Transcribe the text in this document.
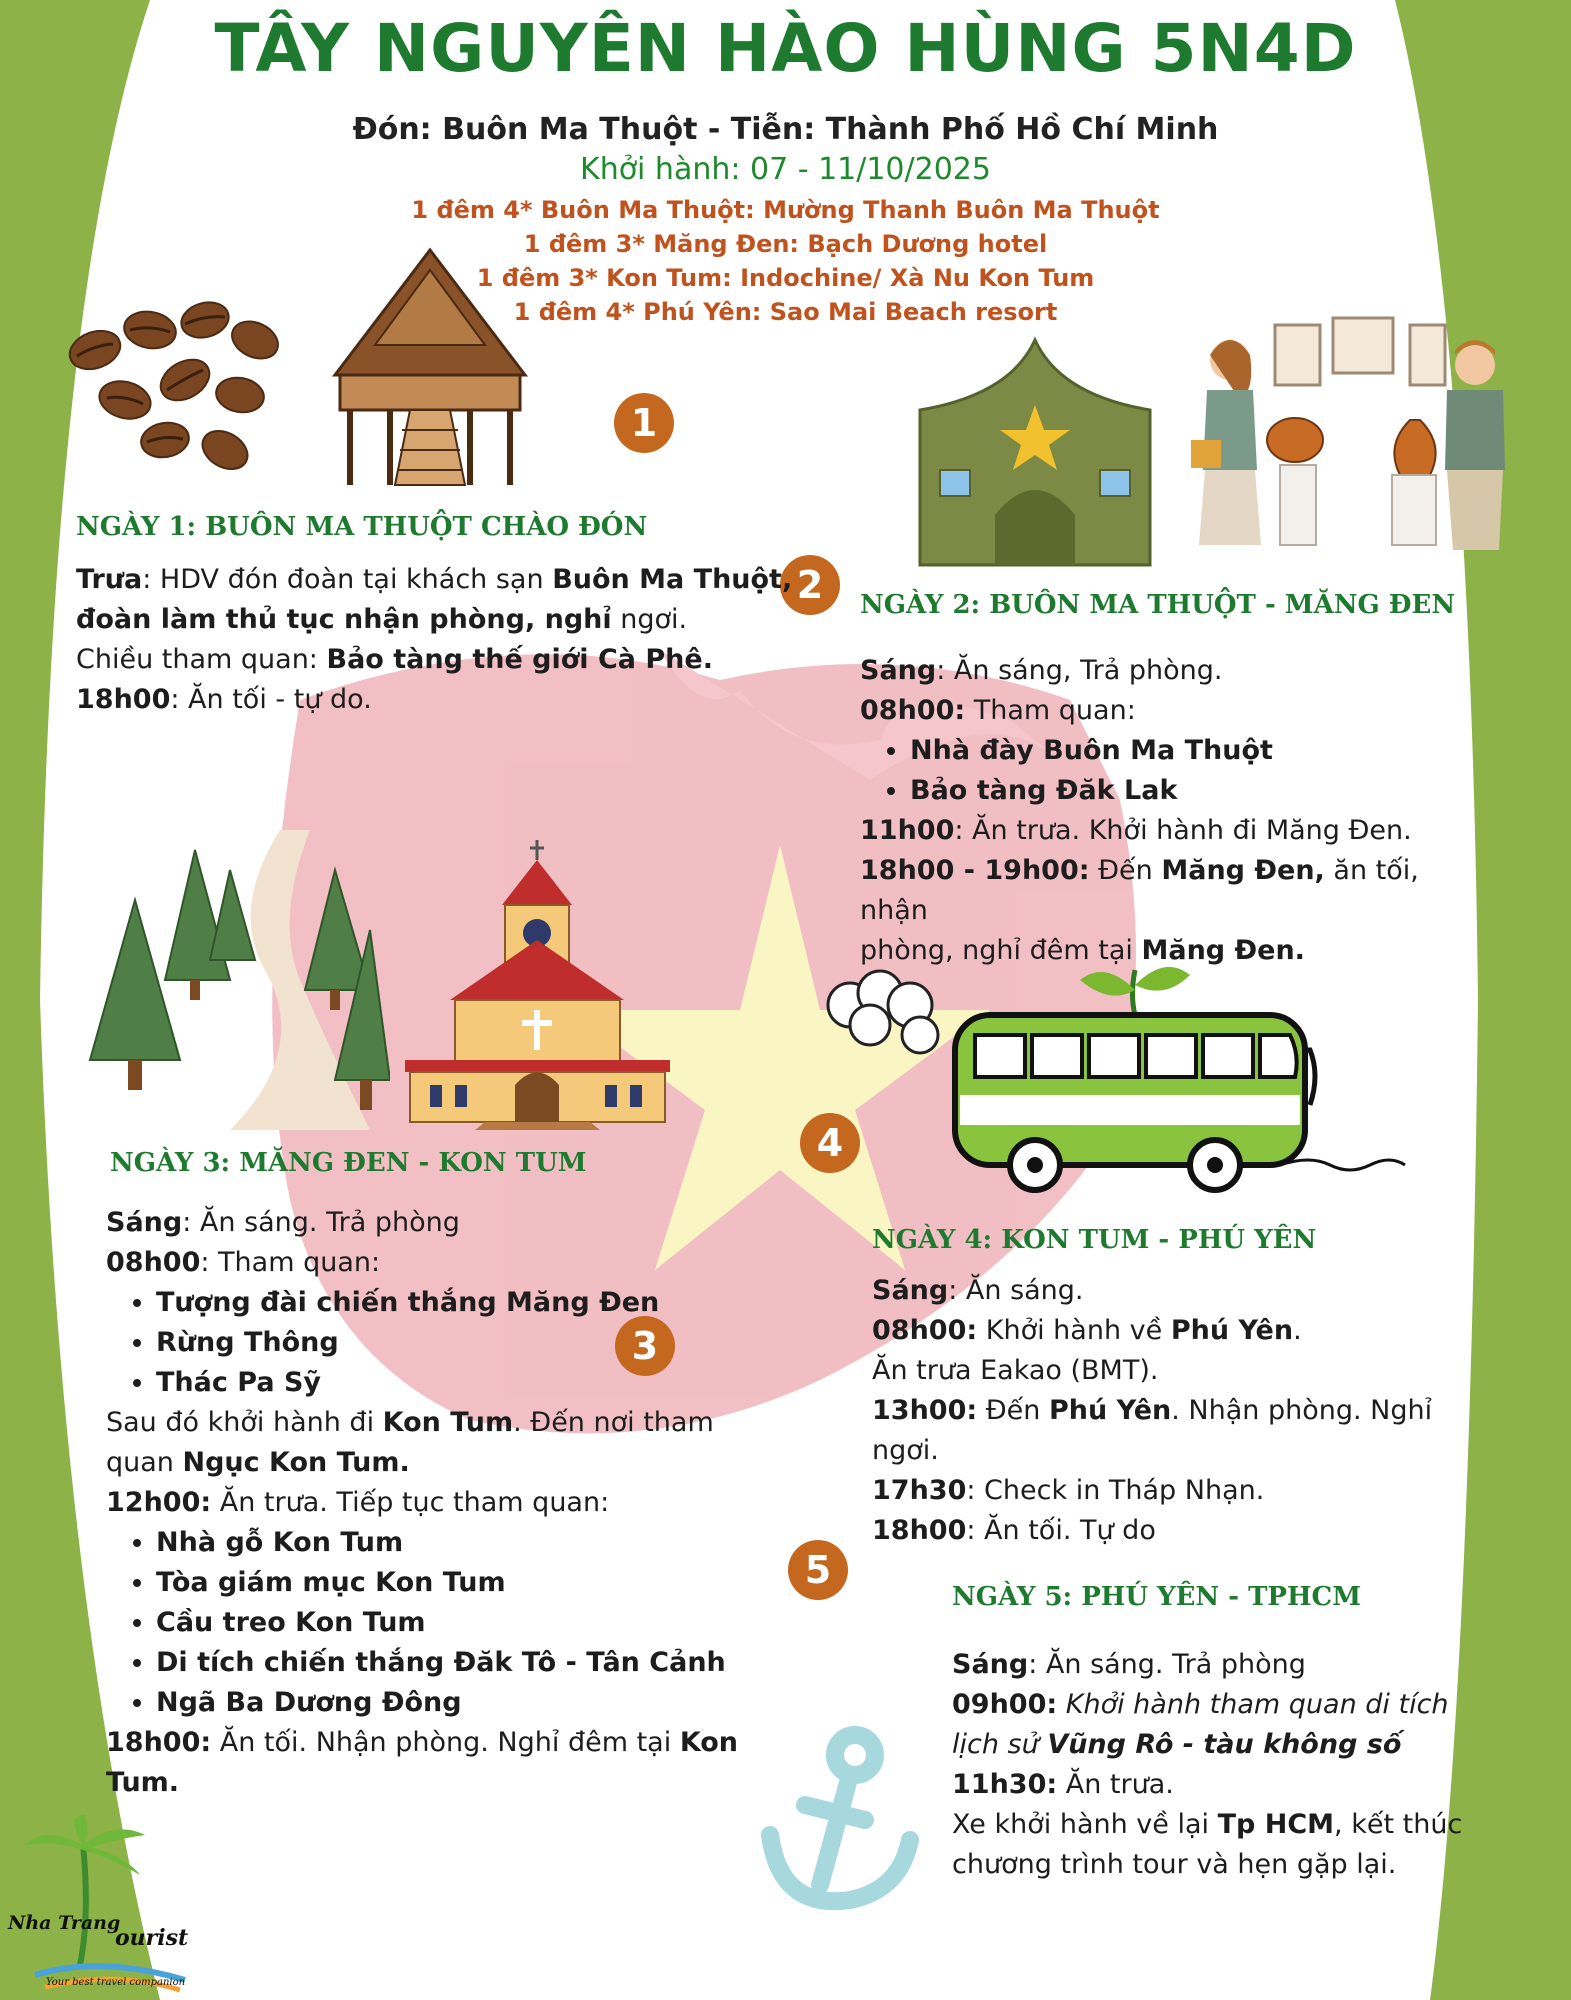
TÂY NGUYÊN HÀO HÙNG 5N4D
Đón: Buôn Ma Thuột - Tiễn: Thành Phố Hồ Chí Minh
Khởi hành: 07 - 11/10/2025
1 đêm 4* Buôn Ma Thuột: Mường Thanh Buôn Ma Thuột
1 đêm 3* Măng Đen: Bạch Dương hotel
1 đêm 3* Kon Tum: Indochine/ Xà Nu Kon Tum
1 đêm 4* Phú Yên: Sao Mai Beach resort
1
2
3
4
5
NGÀY 1: BUÔN MA THUỘT CHÀO ĐÓN
Trưa: HDV đón đoàn tại khách sạn Buôn Ma Thuột,
đoàn làm thủ tục nhận phòng, nghỉ ngơi.
Chiều tham quan: Bảo tàng thế giới Cà Phê.
18h00: Ăn tối - tự do.
NGÀY 2: BUÔN MA THUỘT - MĂNG ĐEN
Sáng: Ăn sáng, Trả phòng.
08h00: Tham quan:
• Nhà đày Buôn Ma Thuột
• Bảo tàng Đăk Lak
11h00: Ăn trưa. Khởi hành đi Măng Đen.
18h00 - 19h00: Đến Măng Đen, ăn tối, nhận
phòng, nghỉ đêm tại Măng Đen.
NGÀY 3: MĂNG ĐEN - KON TUM
Sáng: Ăn sáng. Trả phòng
08h00: Tham quan:
• Tượng đài chiến thắng Măng Đen
• Rừng Thông
• Thác Pa Sỹ
Sau đó khởi hành đi Kon Tum. Đến nơi tham
quan Ngục Kon Tum.
12h00: Ăn trưa. Tiếp tục tham quan:
• Nhà gỗ Kon Tum
• Tòa giám mục Kon Tum
• Cầu treo Kon Tum
• Di tích chiến thắng Đăk Tô - Tân Cảnh
• Ngã Ba Dương Đông
18h00: Ăn tối. Nhận phòng. Nghỉ đêm tại Kon
Tum.
NGÀY 4: KON TUM - PHÚ YÊN
Sáng: Ăn sáng.
08h00: Khởi hành về Phú Yên.
Ăn trưa Eakao (BMT).
13h00: Đến Phú Yên. Nhận phòng. Nghỉ ngơi.
17h30: Check in Tháp Nhạn.
18h00: Ăn tối. Tự do
NGÀY 5: PHÚ YÊN - TPHCM
Sáng: Ăn sáng. Trả phòng
09h00: Khởi hành tham quan di tích
lịch sử Vũng Rô - tàu không số
11h30: Ăn trưa.
Xe khởi hành về lại Tp HCM, kết thúc
chương trình tour và hẹn gặp lại.
Nha Trang
ourist
Your best travel companion
